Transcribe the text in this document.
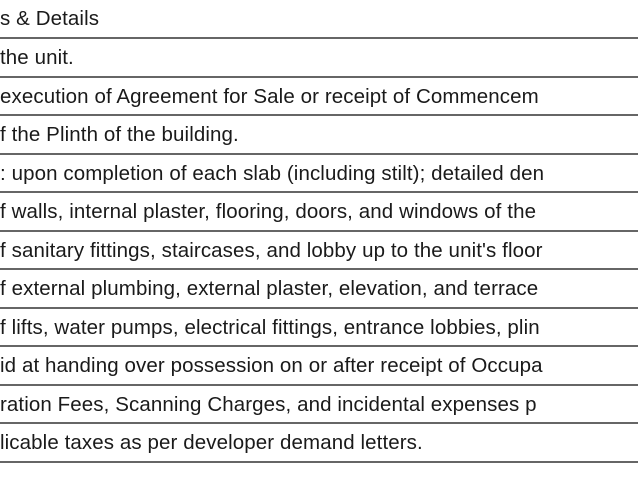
s & Details
the unit.
execution of Agreement for Sale or receipt of Commencem
f the Plinth of the building.
: upon completion of each slab (including stilt); detailed den
f walls, internal plaster, flooring, doors, and windows of the
f sanitary fittings, staircases, and lobby up to the unit's floor
f external plumbing, external plaster, elevation, and terrace
f lifts, water pumps, electrical fittings, entrance lobbies, plin
id at handing over possession on or after receipt of Occupa
ration Fees, Scanning Charges, and incidental expenses p
licable taxes as per developer demand letters.
